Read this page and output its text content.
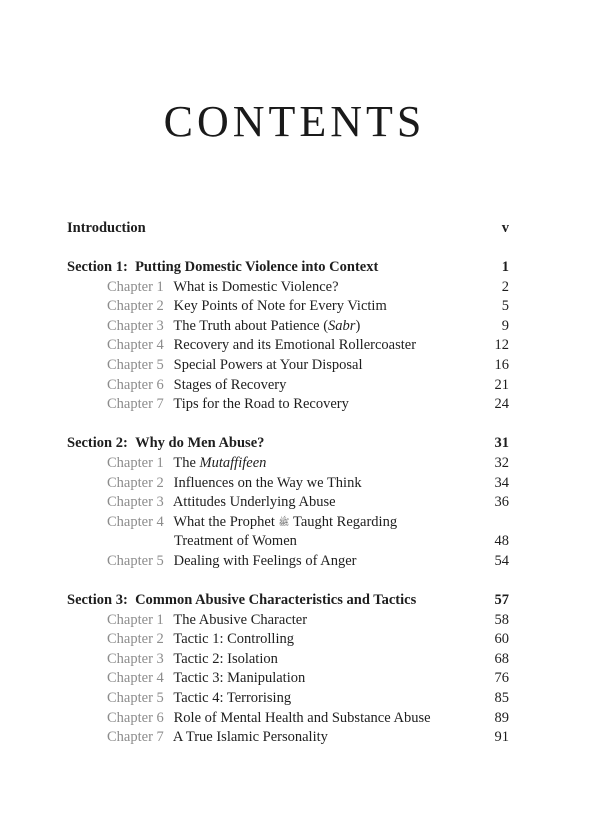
CONTENTS
Introduction	v
Section 1: Putting Domestic Violence into Context	1
Chapter 1 What is Domestic Violence?	2
Chapter 2 Key Points of Note for Every Victim	5
Chapter 3 The Truth about Patience (Sabr)	9
Chapter 4 Recovery and its Emotional Rollercoaster	12
Chapter 5 Special Powers at Your Disposal	16
Chapter 6 Stages of Recovery	21
Chapter 7 Tips for the Road to Recovery	24
Section 2: Why do Men Abuse?	31
Chapter 1 The Mutaffifeen	32
Chapter 2 Influences on the Way we Think	34
Chapter 3 Attitudes Underlying Abuse	36
Chapter 4 What the Prophet ﷺ Taught Regarding
Treatment of Women	48
Chapter 5 Dealing with Feelings of Anger	54
Section 3: Common Abusive Characteristics and Tactics	57
Chapter 1 The Abusive Character	58
Chapter 2 Tactic 1: Controlling	60
Chapter 3 Tactic 2: Isolation	68
Chapter 4 Tactic 3: Manipulation	76
Chapter 5 Tactic 4: Terrorising	85
Chapter 6 Role of Mental Health and Substance Abuse	89
Chapter 7 A True Islamic Personality	91
